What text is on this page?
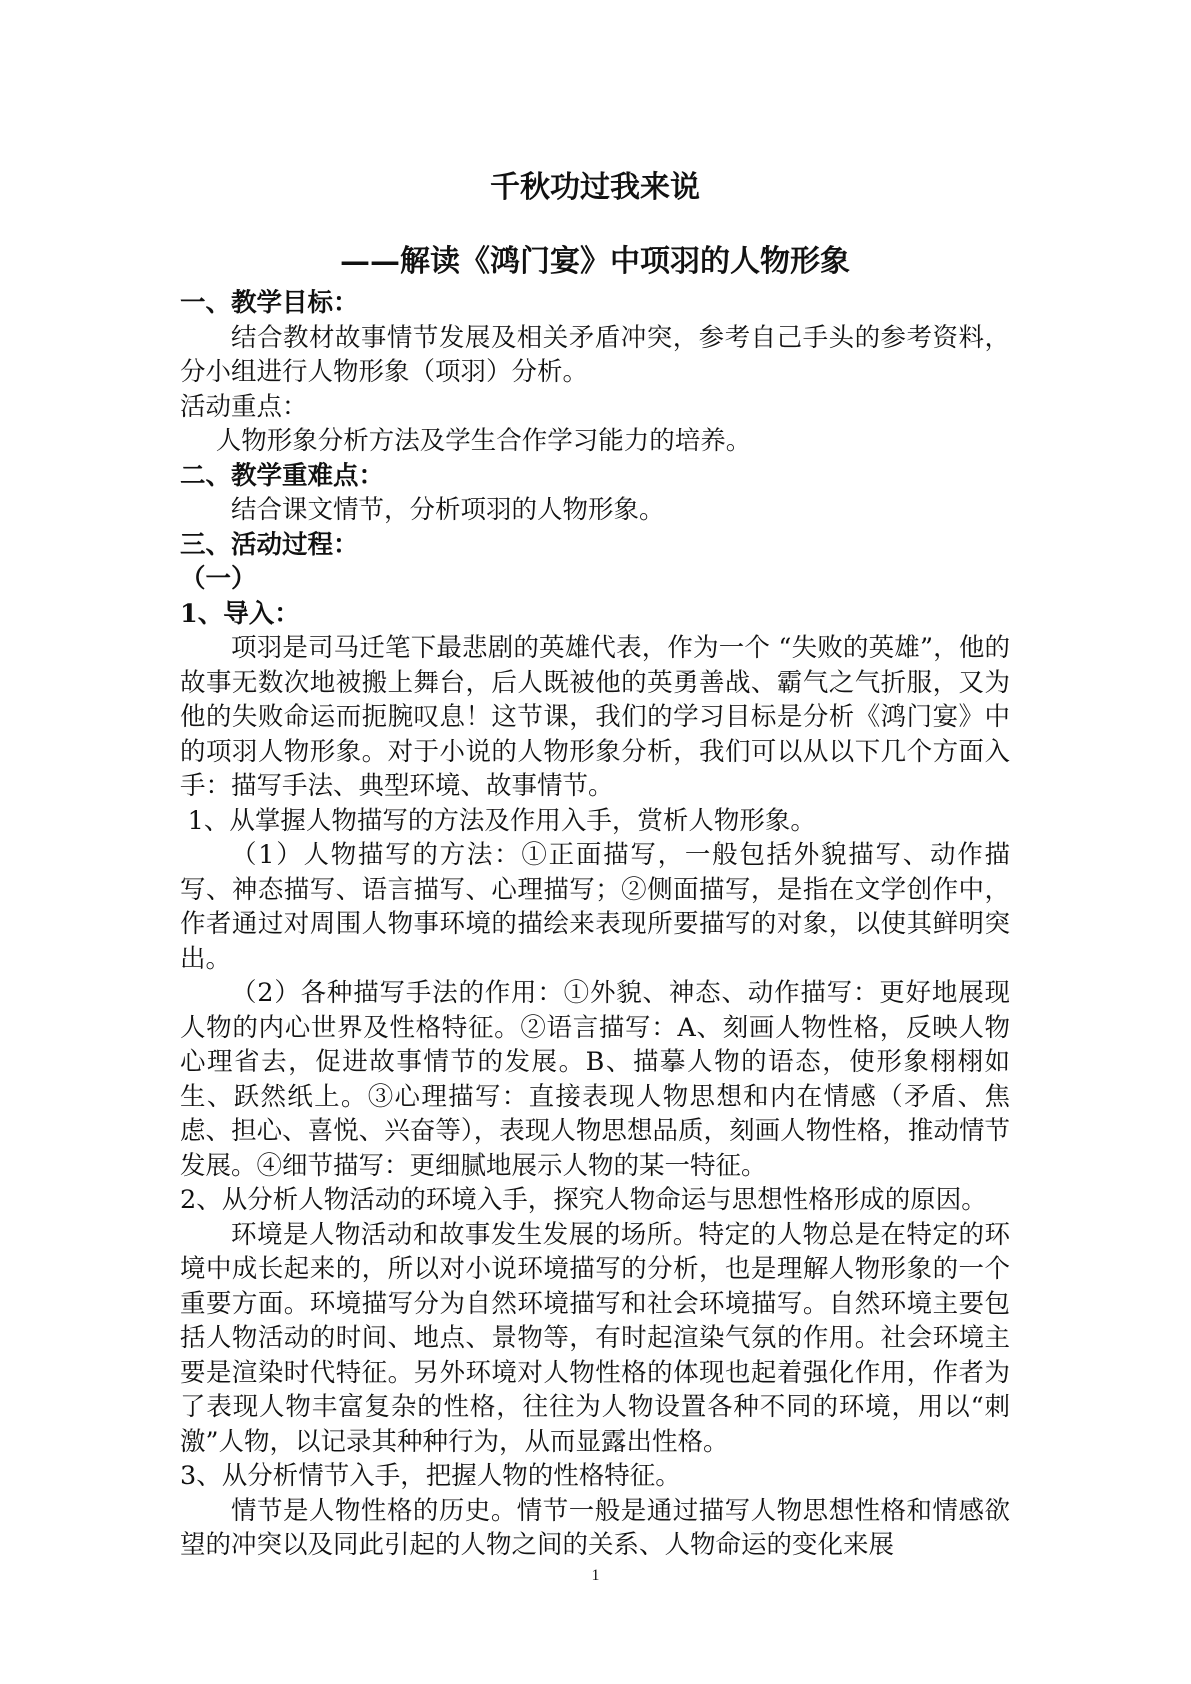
千秋功过我来说
——解读《鸿门宴》中项羽的人物形象

一、教学目标：

结合教材故事情节发展及相关矛盾冲突，参考自己手头的参考资料，分小组进行人物形象（项羽）分析。

活动重点：

人物形象分析方法及学生合作学习能力的培养。

二、教学重难点：

结合课文情节，分析项羽的人物形象。

三、活动过程：

（一）

1、导入：

项羽是司马迁笔下最悲剧的英雄代表，作为一个 “失败的英雄”，他的故事无数次地被搬上舞台，后人既被他的英勇善战、霸气之气折服，又为他的失败命运而扼腕叹息！这节课，我们的学习目标是分析《鸿门宴》中的项羽人物形象。对于小说的人物形象分析，我们可以从以下几个方面入手：描写手法、典型环境、故事情节。

1、从掌握人物描写的方法及作用入手，赏析人物形象。

（1）人物描写的方法：①正面描写，一般包括外貌描写、动作描写、神态描写、语言描写、心理描写；②侧面描写，是指在文学创作中，作者通过对周围人物事环境的描绘来表现所要描写的对象，以使其鲜明突出。

（2）各种描写手法的作用：①外貌、神态、动作描写：更好地展现人物的内心世界及性格特征。②语言描写：A、刻画人物性格，反映人物心理省去，促进故事情节的发展。B、描摹人物的语态，使形象栩栩如生、跃然纸上。③心理描写：直接表现人物思想和内在情感（矛盾、焦虑、担心、喜悦、兴奋等），表现人物思想品质，刻画人物性格，推动情节发展。④细节描写：更细腻地展示人物的某一特征。

2、从分析人物活动的环境入手，探究人物命运与思想性格形成的原因。

环境是人物活动和故事发生发展的场所。特定的人物总是在特定的环境中成长起来的，所以对小说环境描写的分析，也是理解人物形象的一个重要方面。环境描写分为自然环境描写和社会环境描写。自然环境主要包括人物活动的时间、地点、景物等，有时起渲染气氛的作用。社会环境主要是渲染时代特征。另外环境对人物性格的体现也起着强化作用，作者为了表现人物丰富复杂的性格，往往为人物设置各种不同的环境，用以“刺激”人物，以记录其种种行为，从而显露出性格。

3、从分析情节入手，把握人物的性格特征。

情节是人物性格的历史。情节一般是通过描写人物思想性格和情感欲望的冲突以及同此引起的人物之间的关系、人物命运的变化来展

1
